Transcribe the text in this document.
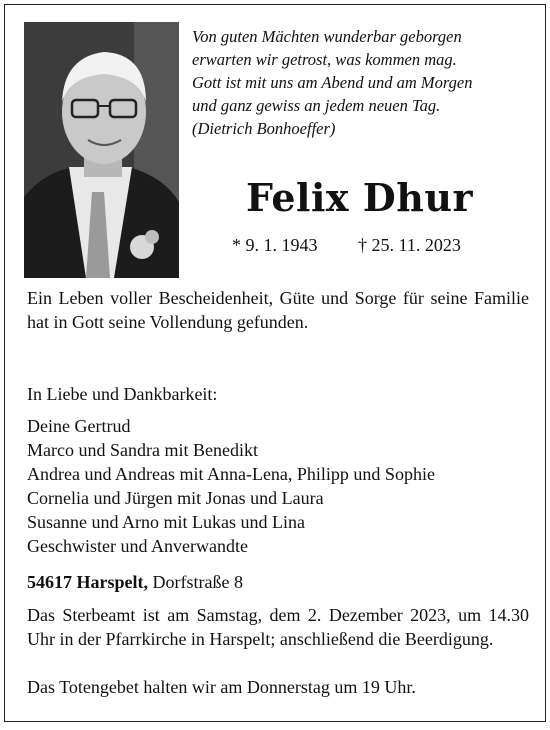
Von guten Mächten wunderbar geborgen
erwarten wir getrost, was kommen mag.
Gott ist mit uns am Abend und am Morgen
und ganz gewiss an jedem neuen Tag.
(Dietrich Bonhoeffer)
Felix Dhur
* 9. 1. 1943 † 25. 11. 2023

Ein Leben voller Bescheidenheit, Güte und Sorge für seine Familie hat in Gott seine Vollendung gefunden.

In Liebe und Dankbarkeit:
Deine Gertrud
Marco und Sandra mit Benedikt
Andrea und Andreas mit Anna-Lena, Philipp und Sophie
Cornelia und Jürgen mit Jonas und Laura
Susanne und Arno mit Lukas und Lina
Geschwister und Anverwandte
54617 Harspelt, Dorfstraße 8

Das Sterbeamt ist am Samstag, dem 2. Dezember 2023, um 14.30 Uhr in der Pfarrkirche in Harspelt; anschließend die Beerdigung.

Das Totengebet halten wir am Donnerstag um 19 Uhr.
